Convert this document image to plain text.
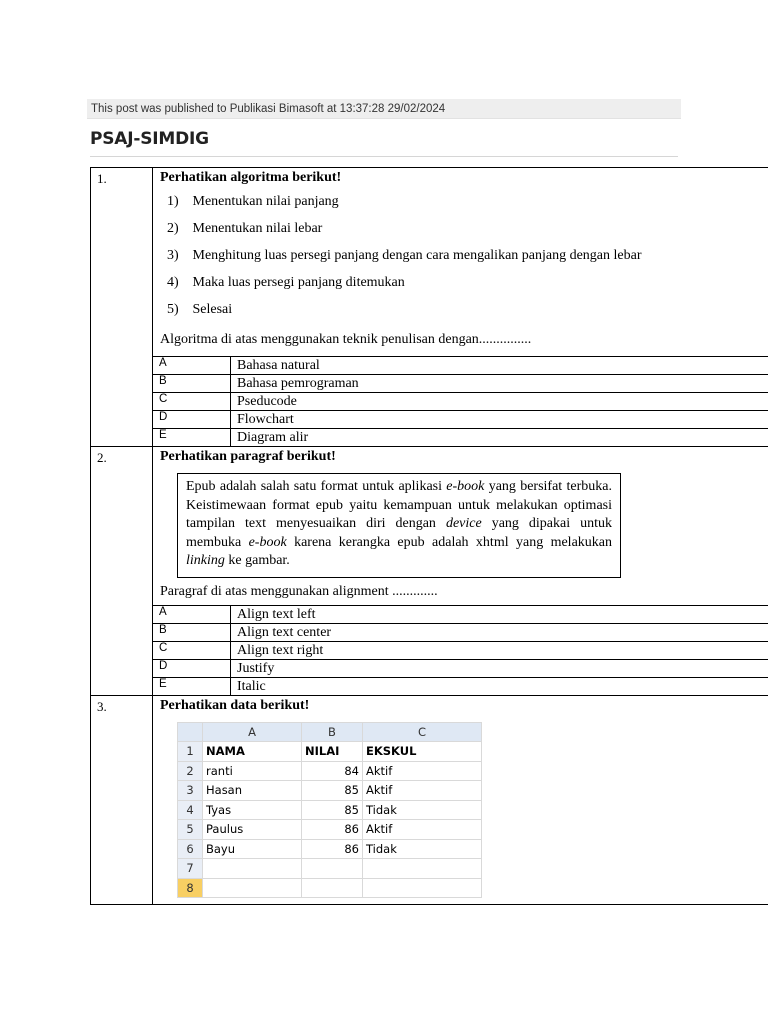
This post was published to Publikasi Bimasoft at 13:37:28 29/02/2024
PSAJ-SIMDIG
1.	Perhatikan algoritma berikut!
1) Menentukan nilai panjang
2) Menentukan nilai lebar
3) Menghitung luas persegi panjang dengan cara mengalikan panjang dengan lebar
4) Maka luas persegi panjang ditemukan
5) Selesai
Algoritma di atas menggunakan teknik penulisan dengan...............

A	Bahasa natural
B	Bahasa pemrograman
C	Pseducode
D	Flowchart
E	Diagram alir
2.	Perhatikan paragraf berikut!
Epub adalah salah satu format untuk aplikasi e-book yang bersifat terbuka. Keistimewaan format epub yaitu kemampuan untuk melakukan optimasi tampilan text menyesuaikan diri dengan device yang dipakai untuk membuka e-book karena kerangka epub adalah xhtml yang melakukan linking ke gambar.
Paragraf di atas menggunakan alignment .............

A	Align text left
B	Align text center
C	Align text right
D	Justify
E	Italic
3.	Perhatikan data berikut!
	A	B	C
1	NAMA	NILAI	EKSKUL
2	ranti	84	Aktif
3	Hasan	85	Aktif
4	Tyas	85	Tidak
5	Paulus	86	Aktif
6	Bayu	86	Tidak
7			
8			
